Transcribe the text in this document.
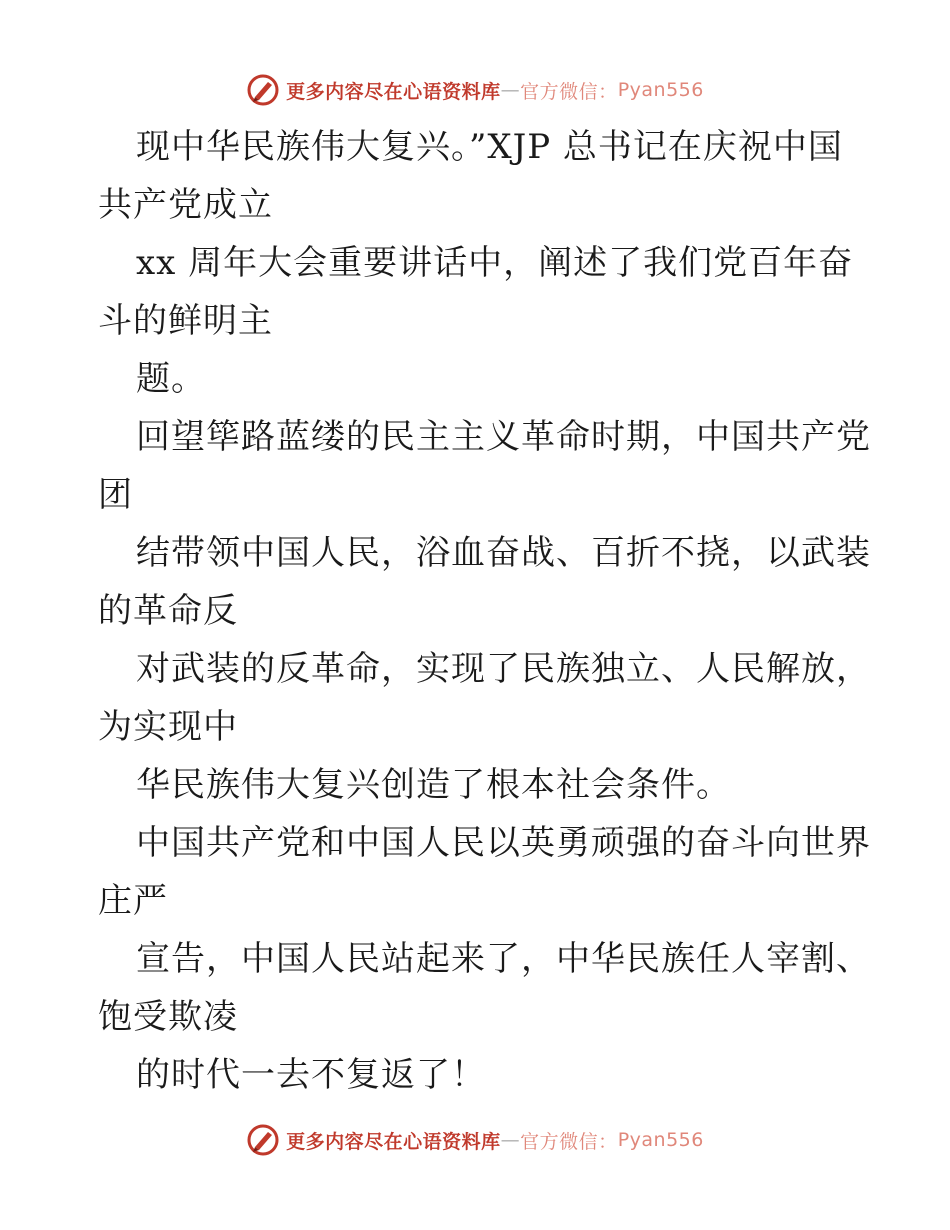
更多内容尽在心语资料库 — 官方微信： Pyan556
现中华民族伟大复兴。”XJP 总书记在庆祝中国
共产党成立
xx 周年大会重要讲话中，阐述了我们党百年奋
斗的鲜明主
题。
回望筚路蓝缕的民主主义革命时期，中国共产党
团
结带领中国人民，浴血奋战、百折不挠，以武装
的革命反
对武装的反革命，实现了民族独立、人民解放，
为实现中
华民族伟大复兴创造了根本社会条件。
中国共产党和中国人民以英勇顽强的奋斗向世界
庄严
宣告，中国人民站起来了，中华民族任人宰割、
饱受欺凌
的时代一去不复返了！
更多内容尽在心语资料库 — 官方微信： Pyan556
